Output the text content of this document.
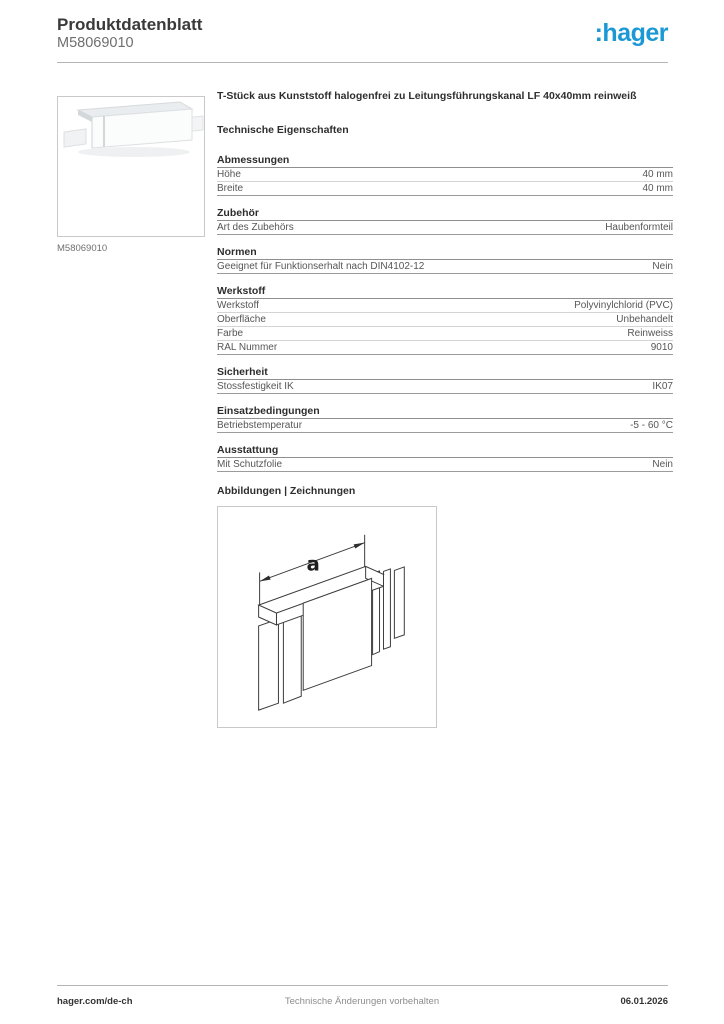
Produktdatenblatt
M58069010	:hager
M58069010
T-Stück aus Kunststoff halogenfrei zu Leitungsführungskanal LF 40x40mm reinweiß
Technische Eigenschaften
Abmessungen
Höhe	40 mm
Breite	40 mm
Zubehör
Art des Zubehörs	Haubenformteil
Normen
Geeignet für Funktionserhalt nach DIN4102-12	Nein
Werkstoff
Werkstoff	Polyvinylchlorid (PVC)
Oberfläche	Unbehandelt
Farbe	Reinweiss
RAL Nummer	9010
Sicherheit
Stossfestigkeit IK	IK07
Einsatzbedingungen
Betriebstemperatur	-5 - 60 °C
Ausstattung
Mit Schutzfolie	Nein
Abbildungen | Zeichnungen
a
Technische Änderungen vorbehalten
hager.com/de-ch	06.01.2026
